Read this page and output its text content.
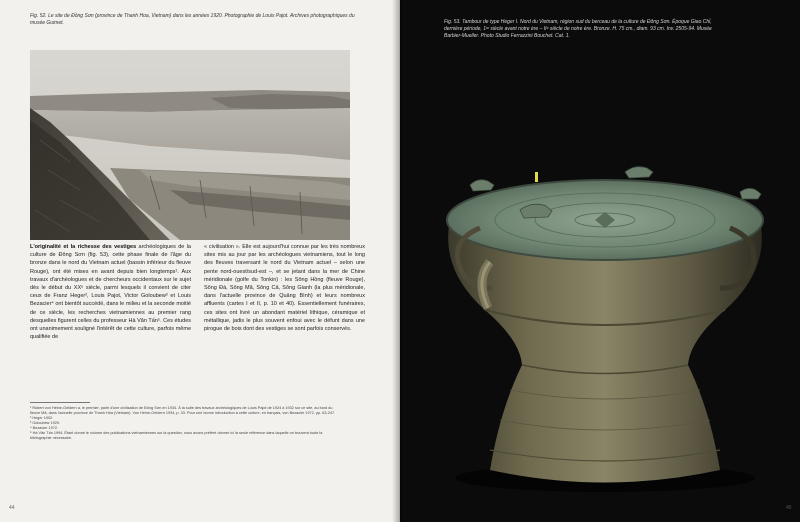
Fig. 52. Le site de Đồng Sơn (province de Thanh Hoa, Vietnam) dans les années 1920. Photographie de Louis Pajot. Archives photographiques du musée Guimet.
L'originalité et la richesse des vestiges archéologiques de la culture de Đông Sơn (fig. 53), cette phase finale de l'âge du bronze dans le nord du Vietnam actuel (bassin inférieur du fleuve Rouge), ont été mises en avant depuis bien longtemps¹. Aux travaux d'archéologues et de chercheurs occidentaux sur le sujet dès le début du XXᵉ siècle, parmi lesquels il convient de citer ceux de Franz Heger², Louis Pajot, Victor Goloubew³ et Louis Bezacier⁴ ont bientôt succédé, dans le milieu et la seconde moitié de ce siècle, les recherches vietnamiennes au premier rang desquelles figurent celles du professeur Hà Văn Tấn⁵. Ces études ont unanimement souligné l'intérêt de cette culture, parfois même qualifiée de
« civilisation ». Elle est aujourd'hui connue par les très nombreux sites mis au jour par les archéologues vietnamiens, tout le long des fleuves traversant le nord du Vietnam actuel – selon une pente nord-ouest/sud-est –, et se jetant dans la mer de Chine méridionale (golfe du Tonkin) : les Sông Hồng (fleuve Rouge), Sông Đà, Sông Mã, Sông Cả, Sông Gianh (la plus méridionale, dans l'actuelle province de Quảng Bình) et leurs nombreux affluents (cartes I et II, p. 10 et 40). Essentiellement funéraires, ces sites ont livré un abondant matériel lithique, céramique et métallique, jadis le plus souvent enfoui avec le défunt dans une pirogue de bois dont des vestiges se sont parfois conservés.
¹ Robert von Heine-Geldern a, le premier, parlé d'une civilisation de Đông Sơn en 1934. À la suite des travaux archéologiques de Louis Pajot de 1924 à 1932 sur ce site, au bord du fleuve Mã, dans l'actuelle province de Thanh Hóa (Vietnam). Von Heine-Geldern 1934, p. 33. Pour une bonne introduction à cette culture, en français, von Bezacier 1972, pp. 63-247.
² Heger 1902.
³ Goloubew 1929.
⁴ Bezacier 1972.
⁵ Hà Văn Tấn 1994. Étant donné le volume des publications vietnamiennes sur la question, nous avons préféré donner ici la seule référence dans laquelle on trouvera toute la bibliographie nécessaire.
44
Fig. 53. Tambour de type Heger I. Nord du Vietnam, région sud du berceau de la culture de Đông Sơn. Époque Giao Chỉ, dernière période, 1ᵉʳ siècle avant notre ère – IIᵉ siècle de notre ère. Bronze. H. 75 cm., diam. 93 cm. Inv. 2505-94. Musée Barbier-Mueller. Photo Studio Ferrazzini Bouchet. Cat. 1.
45
